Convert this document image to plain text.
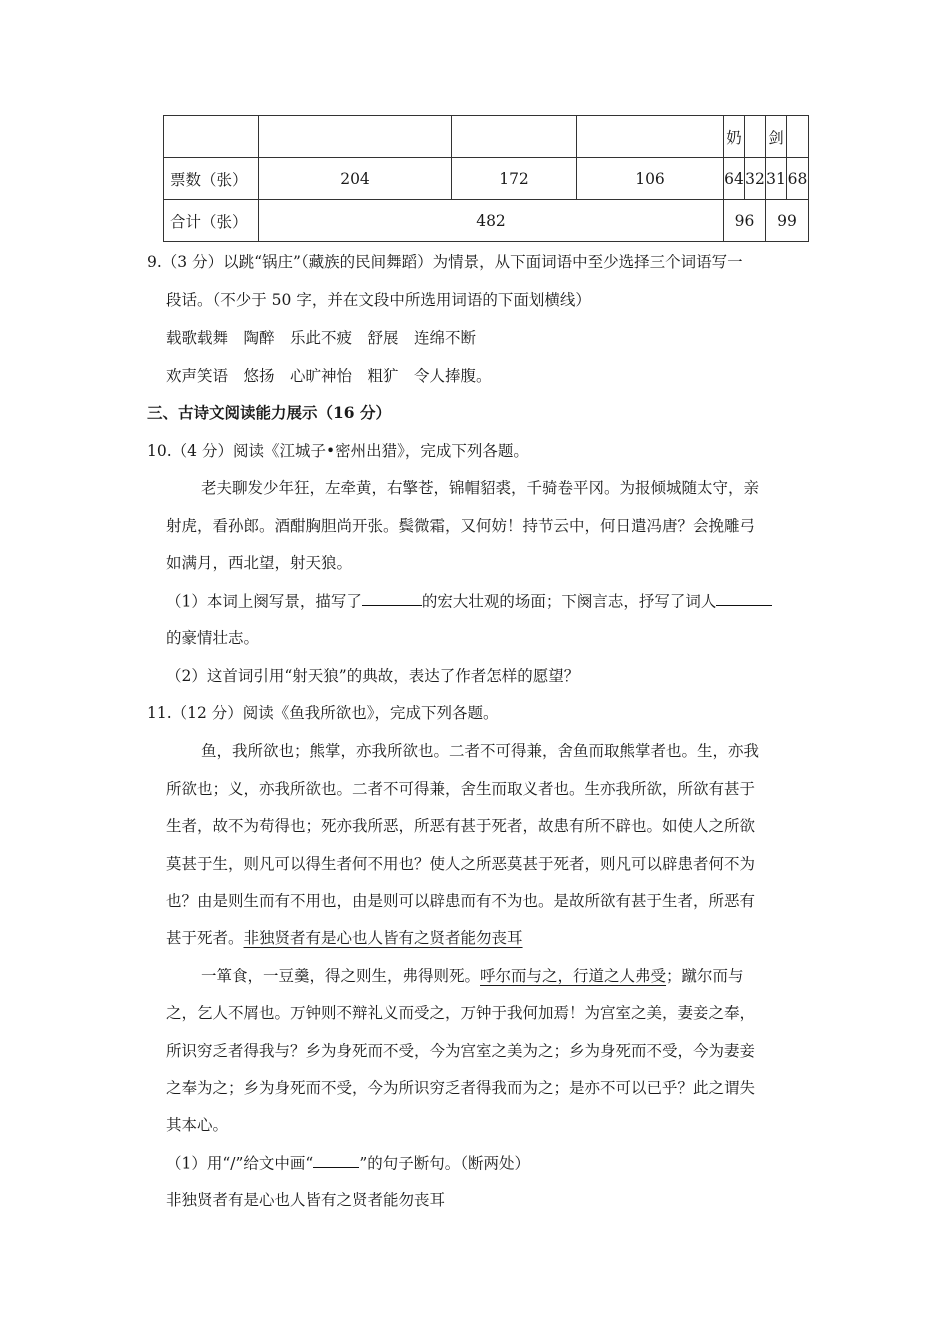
				奶		剑	
票数（张）	204	172	106	64	32	31	68
合计（张）	482			96		99	
9.（3 分）以跳“锅庄”（藏族的民间舞蹈）为情景，从下面词语中至少选择三个词语写一
段话。（不少于 50 字，并在文段中所选用词语的下面划横线）
载歌载舞　陶醉　乐此不疲　舒展　连绵不断
欢声笑语　悠扬　心旷神怡　粗犷　令人捧腹。
三、古诗文阅读能力展示（16 分）
10.（4 分）阅读《江城子•密州出猎》，完成下列各题。
老夫聊发少年狂，左牵黄，右擎苍，锦帽貂裘，千骑卷平冈。为报倾城随太守，亲
射虎，看孙郎。酒酣胸胆尚开张。鬓微霜，又何妨！持节云中，何日遣冯唐？会挽雕弓
如满月，西北望，射天狼。
（1）本词上阕写景，描写了	的宏大壮观的场面；下阕言志，抒写了词人
的豪情壮志。
（2）这首词引用“射天狼”的典故，表达了作者怎样的愿望？
11.（12 分）阅读《鱼我所欲也》，完成下列各题。
鱼，我所欲也；熊掌，亦我所欲也。二者不可得兼，舍鱼而取熊掌者也。生，亦我
所欲也；义，亦我所欲也。二者不可得兼，舍生而取义者也。生亦我所欲，所欲有甚于
生者，故不为苟得也；死亦我所恶，所恶有甚于死者，故患有所不辟也。如使人之所欲
莫甚于生，则凡可以得生者何不用也？使人之所恶莫甚于死者，则凡可以辟患者何不为
也？由是则生而有不用也，由是则可以辟患而有不为也。是故所欲有甚于生者，所恶有
甚于死者。非独贤者有是心也人皆有之贤者能勿丧耳
一箪食，一豆羹，得之则生，弗得则死。呼尔而与之，行道之人弗受；蹴尔而与
之，乞人不屑也。万钟则不辩礼义而受之，万钟于我何加焉！为宫室之美，妻妾之奉，
所识穷乏者得我与？乡为身死而不受，今为宫室之美为之；乡为身死而不受，今为妻妾
之奉为之；乡为身死而不受，今为所识穷乏者得我而为之；是亦不可以已乎？此之谓失
其本心。
（1）用“/”给文中画“	”的句子断句。（断两处）
非独贤者有是心也人皆有之贤者能勿丧耳
